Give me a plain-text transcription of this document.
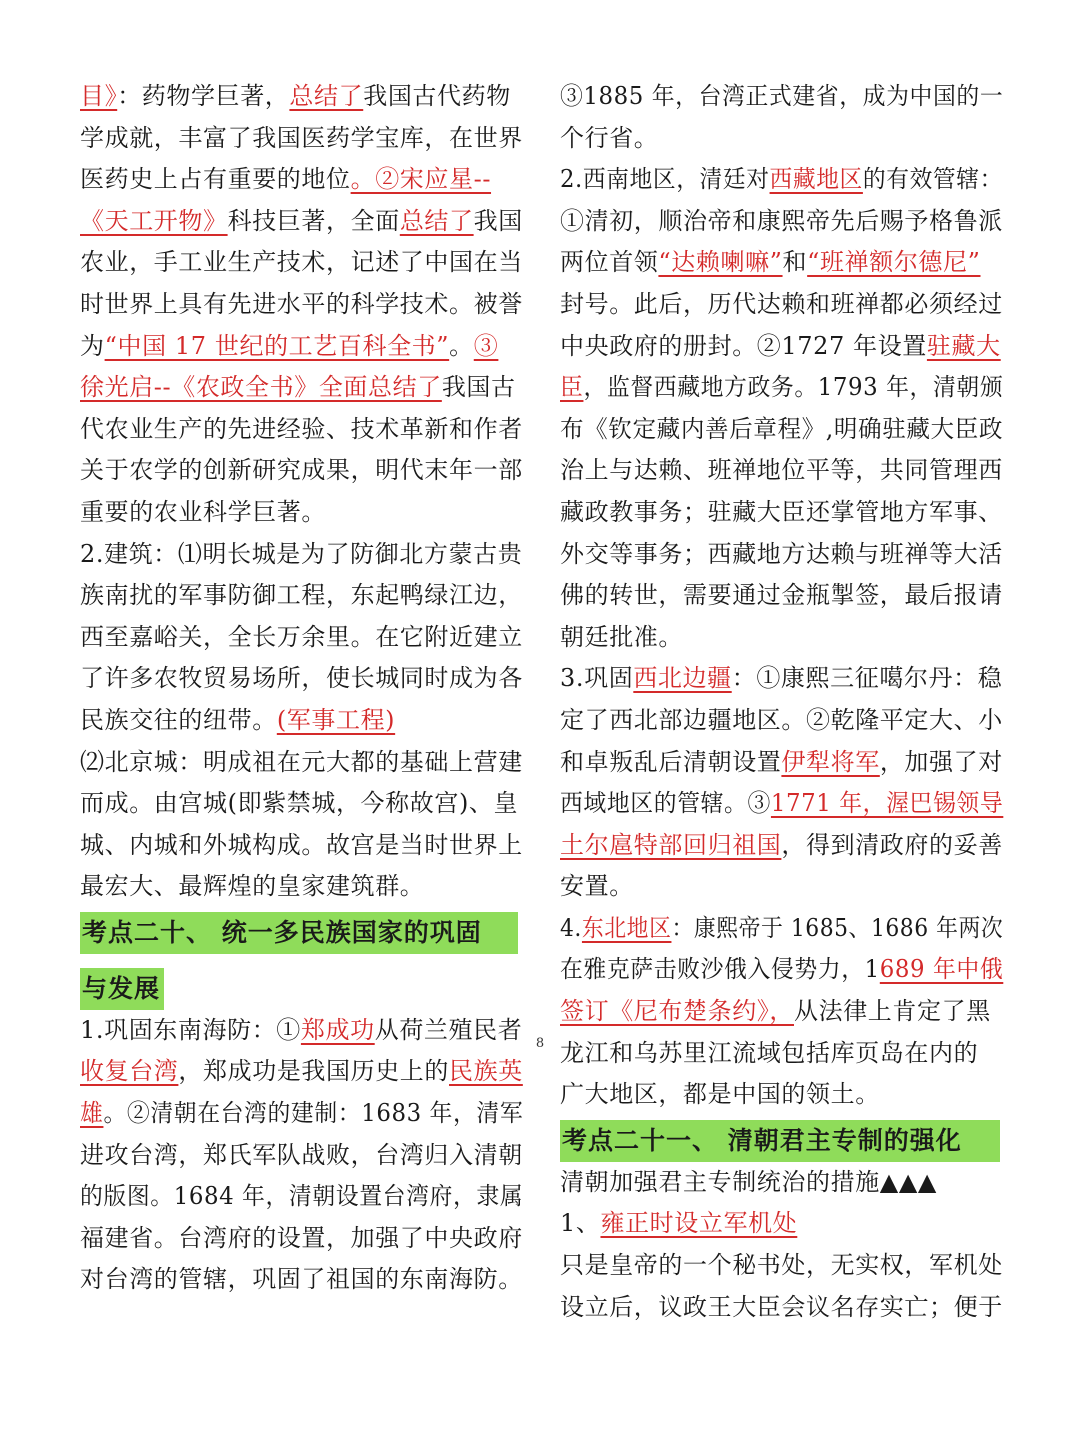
目》：药物学巨著，总结了我国古代药物
学成就，丰富了我国医药学宝库，在世界
医药史上占有重要的地位。②宋应星--
《天工开物》科技巨著，全面总结了我国
农业，手工业生产技术，记述了中国在当
时世界上具有先进水平的科学技术。被誉
为“中国 17 世纪的工艺百科全书”。③
徐光启--《农政全书》全面总结了我国古
代农业生产的先进经验、技术革新和作者
关于农学的创新研究成果，明代末年一部
重要的农业科学巨著。
2.建筑：⑴明长城是为了防御北方蒙古贵
族南扰的军事防御工程，东起鸭绿江边，
西至嘉峪关，全长万余里。在它附近建立
了许多农牧贸易场所，使长城同时成为各
民族交往的纽带。(军事工程)
⑵北京城：明成祖在元大都的基础上营建
而成。由宫城(即紫禁城，今称故宫)、皇
城、内城和外城构成。故宫是当时世界上
最宏大、最辉煌的皇家建筑群。
考点二十、 统一多民族国家的巩固
与发展
1.巩固东南海防：①郑成功从荷兰殖民者
收复台湾，郑成功是我国历史上的民族英
雄。②清朝在台湾的建制：1683 年，清军
进攻台湾，郑氏军队战败，台湾归入清朝
的版图。1684 年，清朝设置台湾府，隶属
福建省。台湾府的设置，加强了中央政府
对台湾的管辖，巩固了祖国的东南海防。
③1885 年，台湾正式建省，成为中国的一
个行省。
2.西南地区，清廷对西藏地区的有效管辖：
①清初，顺治帝和康熙帝先后赐予格鲁派
两位首领“达赖喇嘛”和“班禅额尔德尼”
封号。此后，历代达赖和班禅都必须经过
中央政府的册封。②1727 年设置驻藏大
臣，监督西藏地方政务。1793 年，清朝颁
布《钦定藏内善后章程》,明确驻藏大臣政
治上与达赖、班禅地位平等，共同管理西
藏政教事务；驻藏大臣还掌管地方军事、
外交等事务；西藏地方达赖与班禅等大活
佛的转世，需要通过金瓶掣签，最后报请
朝廷批准。
3.巩固西北边疆：①康熙三征噶尔丹：稳
定了西北部边疆地区。②乾隆平定大、小
和卓叛乱后清朝设置伊犁将军，加强了对
西域地区的管辖。③1771 年，渥巴锡领导
土尔扈特部回归祖国，得到清政府的妥善
安置。
4.东北地区：康熙帝于 1685、1686 年两次
在雅克萨击败沙俄入侵势力，1689 年中俄
签订《尼布楚条约》，从法律上肯定了黑
龙江和乌苏里江流域包括库页岛在内的
广大地区，都是中国的领土。
考点二十一、 清朝君主专制的强化
清朝加强君主专制统治的措施▲▲▲
1、雍正时设立军机处
只是皇帝的一个秘书处，无实权，军机处
设立后，议政王大臣会议名存实亡；便于
8
